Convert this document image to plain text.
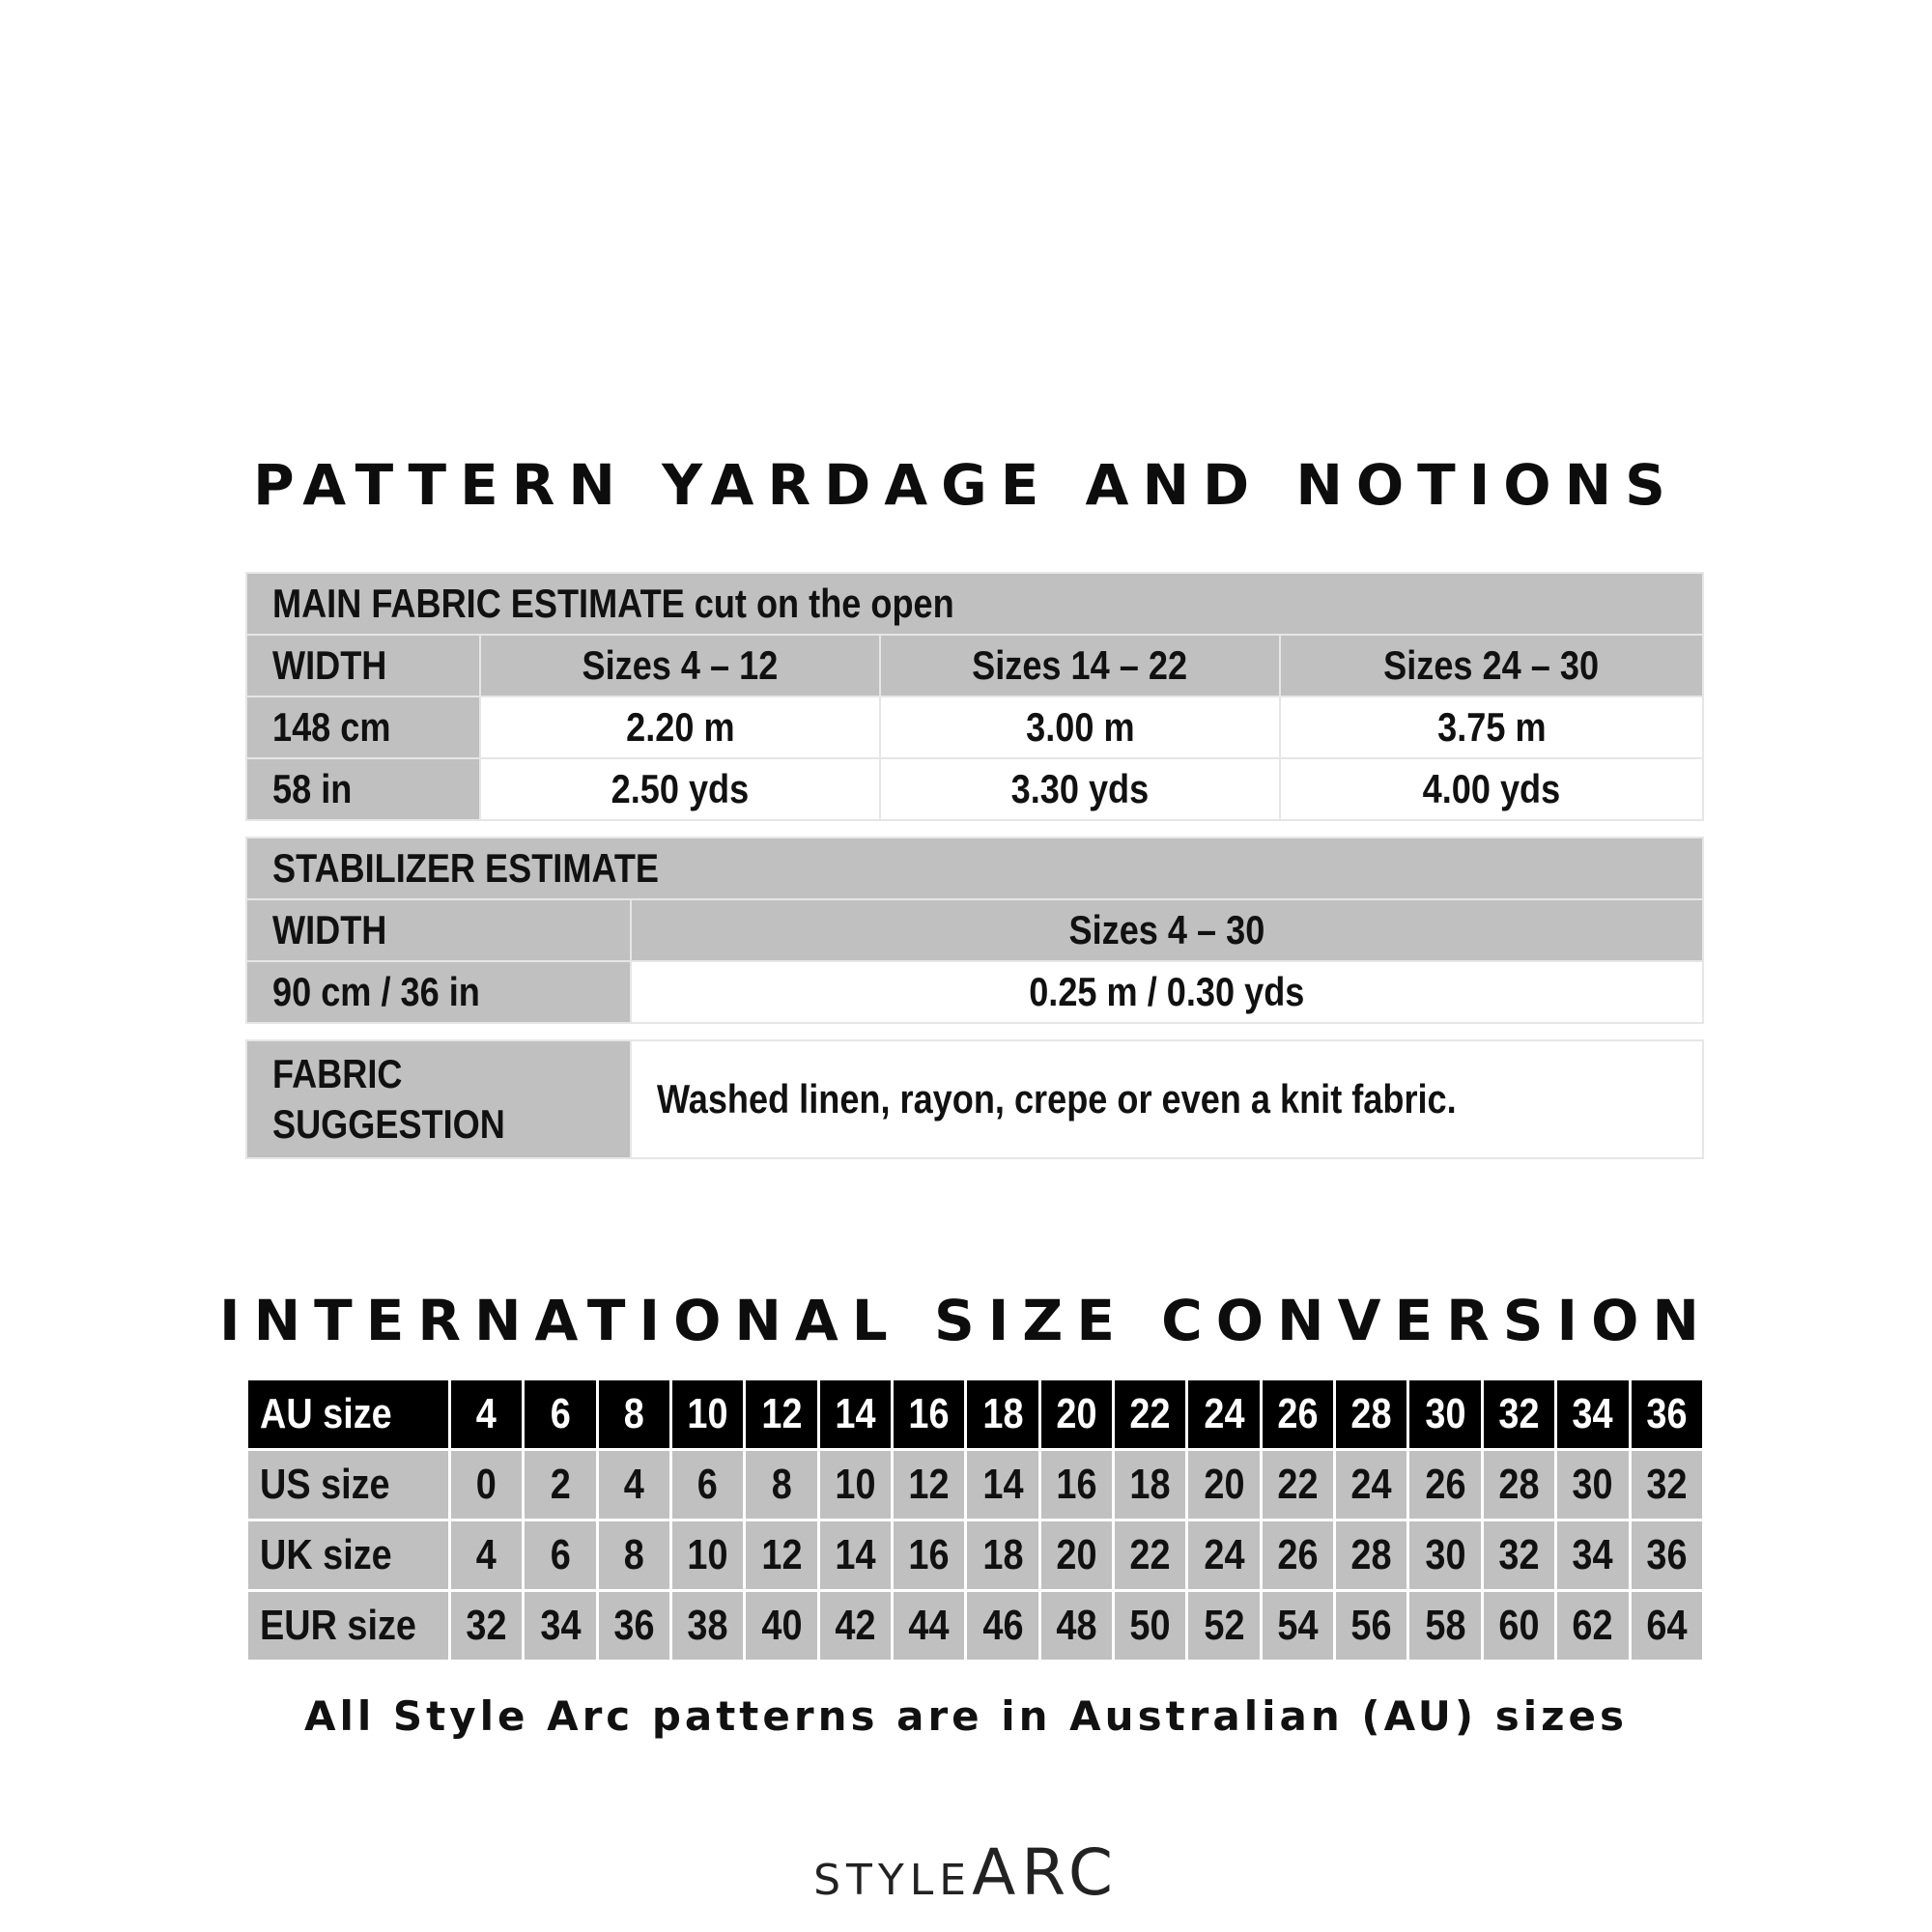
PATTERN YARDAGE AND NOTIONS
MAIN FABRIC ESTIMATE cut on the open			
WIDTH	Sizes 4 – 12	Sizes 14 – 22	Sizes 24 – 30
148 cm	2.20 m	3.00 m	3.75 m
58 in	2.50 yds	3.30 yds	4.00 yds
STABILIZER ESTIMATE	
WIDTH	Sizes 4 – 30
90 cm / 36 in	0.25 m / 0.30 yds
FABRIC
SUGGESTION	Washed linen, rayon, crepe or even a knit fabric.
INTERNATIONAL SIZE CONVERSION
AU size	4	6	8	10	12	14	16	18	20	22	24	26	28	30	32	34	36
US size	0	2	4	6	8	10	12	14	16	18	20	22	24	26	28	30	32
UK size	4	6	8	10	12	14	16	18	20	22	24	26	28	30	32	34	36
EUR size	32	34	36	38	40	42	44	46	48	50	52	54	56	58	60	62	64
All Style Arc patterns are in Australian (AU) sizes
STYLEARC
